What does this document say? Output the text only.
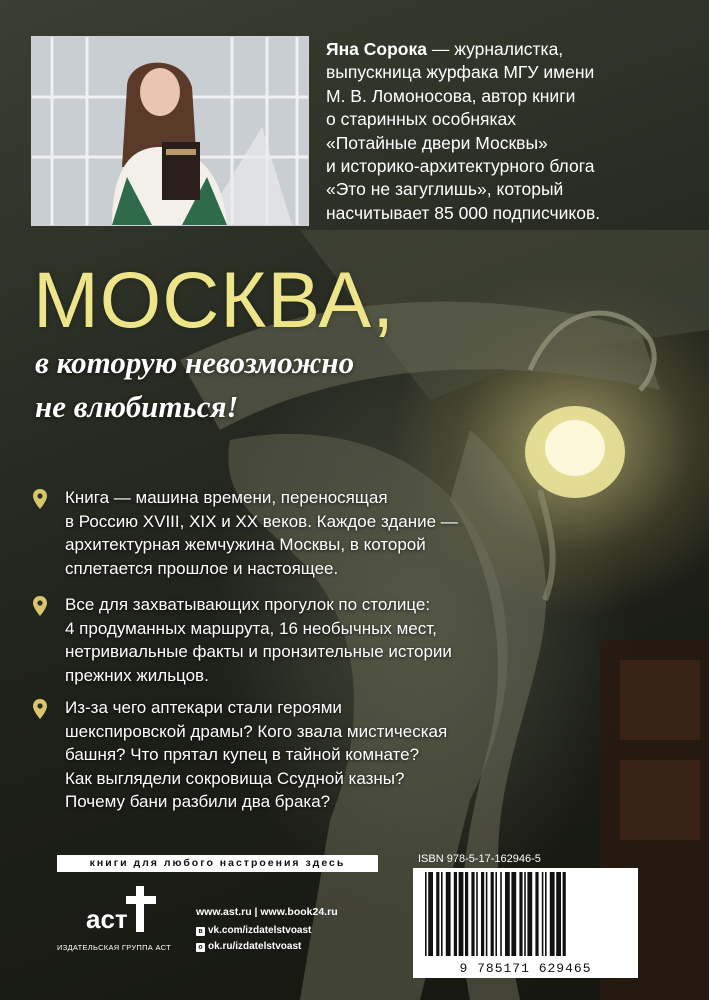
Яна Сорока — журналистка,
выпускница журфака МГУ имени
М. В. Ломоносова, автор книги
о старинных особняках
«Потайные двери Москвы»
и историко-архитектурного блога
«Это не загуглишь», который
насчитывает 85 000 подписчиков.
МОСКВА,
в которую невозможно
не влюбиться!
Книга — машина времени, переносящая
в Россию XVIII, XIX и XX веков. Каждое здание —
архитектурная жемчужина Москвы, в которой
сплетается прошлое и настоящее.
Все для захватывающих прогулок по столице:
4 продуманных маршрута, 16 необычных мест,
нетривиальные факты и пронзительные истории
прежних жильцов.
Из-за чего аптекари стали героями
шекспировской драмы? Кого звала мистическая
башня? Что прятал купец в тайной комнате?
Как выглядели сокровища Ссудной казны?
Почему бани разбили два брака?
книги для любого настроения здесь
аст
ИЗДАТЕЛЬСКАЯ ГРУППА АСТ
www.ast.ru | www.book24.ru
в vk.com/izdatelstvoast
o ok.ru/izdatelstvoast
ISBN 978-5-17-162946-5
9 785171 629465
